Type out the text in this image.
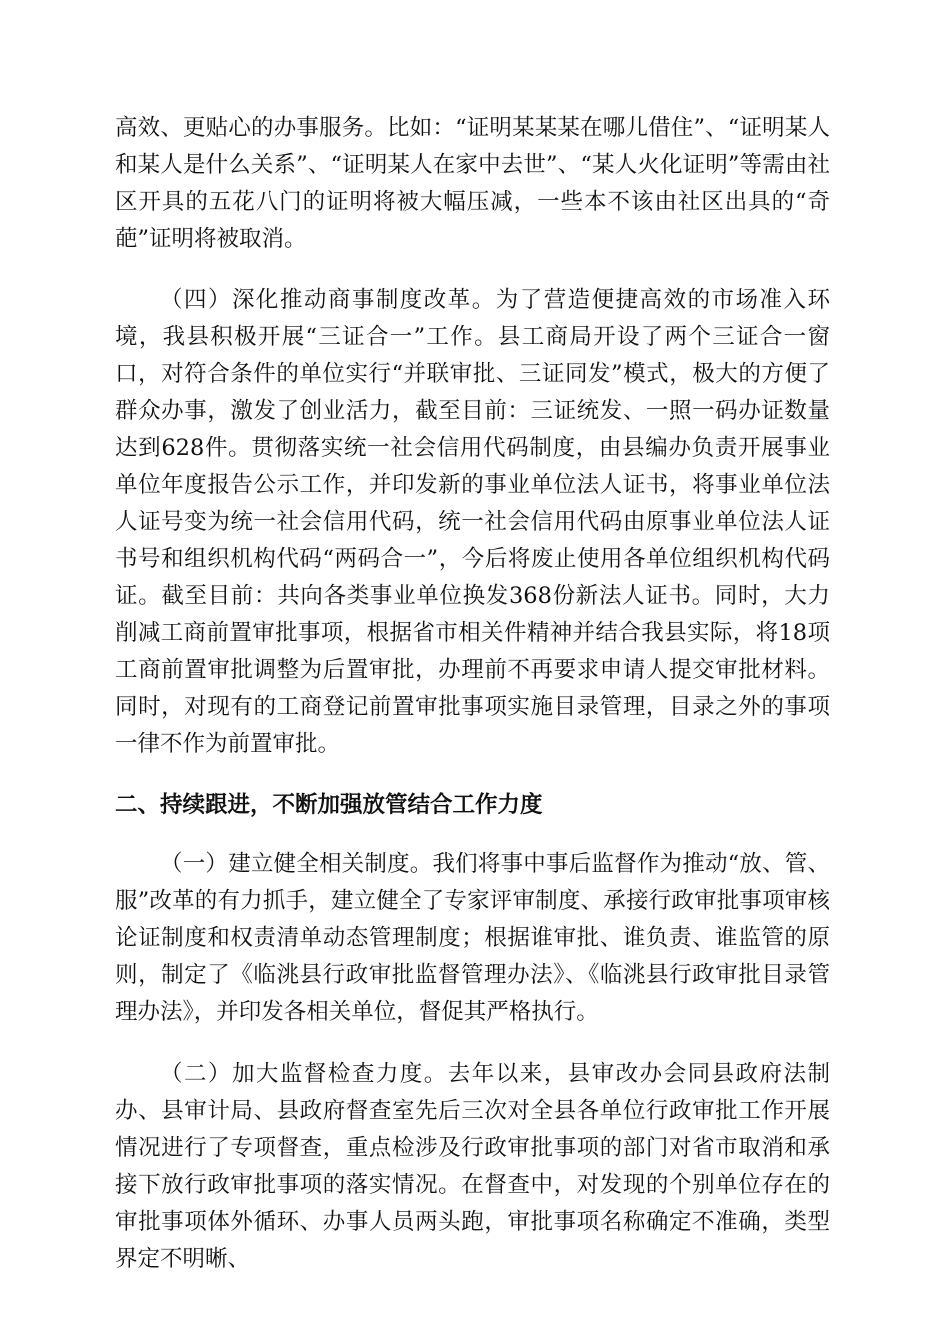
高效、更贴心的办事服务。比如：“证明某某某在哪儿借住”、“证明某人和某人是什么关系”、“证明某人在家中去世”、“某人火化证明”等需由社区开具的五花八门的证明将被大幅压减，一些本不该由社区出具的“奇葩”证明将被取消。

（四）深化推动商事制度改革。为了营造便捷高效的市场准入环境，我县积极开展“三证合一”工作。县工商局开设了两个三证合一窗口，对符合条件的单位实行“并联审批、三证同发”模式，极大的方便了群众办事，激发了创业活力，截至目前：三证统发、一照一码办证数量达到628件。贯彻落实统一社会信用代码制度，由县编办负责开展事业单位年度报告公示工作，并印发新的事业单位法人证书，将事业单位法人证号变为统一社会信用代码，统一社会信用代码由原事业单位法人证书号和组织机构代码“两码合一”，今后将废止使用各单位组织机构代码证。截至目前：共向各类事业单位换发368份新法人证书。同时，大力削减工商前置审批事项，根据省市相关件精神并结合我县实际，将18项工商前置审批调整为后置审批，办理前不再要求申请人提交审批材料。同时，对现有的工商登记前置审批事项实施目录管理，目录之外的事项一律不作为前置审批。

二、持续跟进，不断加强放管结合工作力度

（一）建立健全相关制度。我们将事中事后监督作为推动“放、管、服”改革的有力抓手，建立健全了专家评审制度、承接行政审批事项审核论证制度和权责清单动态管理制度；根据谁审批、谁负责、谁监管的原则，制定了《临洮县行政审批监督管理办法》、《临洮县行政审批目录管理办法》，并印发各相关单位，督促其严格执行。

（二）加大监督检查力度。去年以来，县审改办会同县政府法制办、县审计局、县政府督查室先后三次对全县各单位行政审批工作开展情况进行了专项督查，重点检涉及行政审批事项的部门对省市取消和承接下放行政审批事项的落实情况。在督查中，对发现的个别单位存在的审批事项体外循环、办事人员两头跑，审批事项名称确定不准确，类型界定不明晰、
